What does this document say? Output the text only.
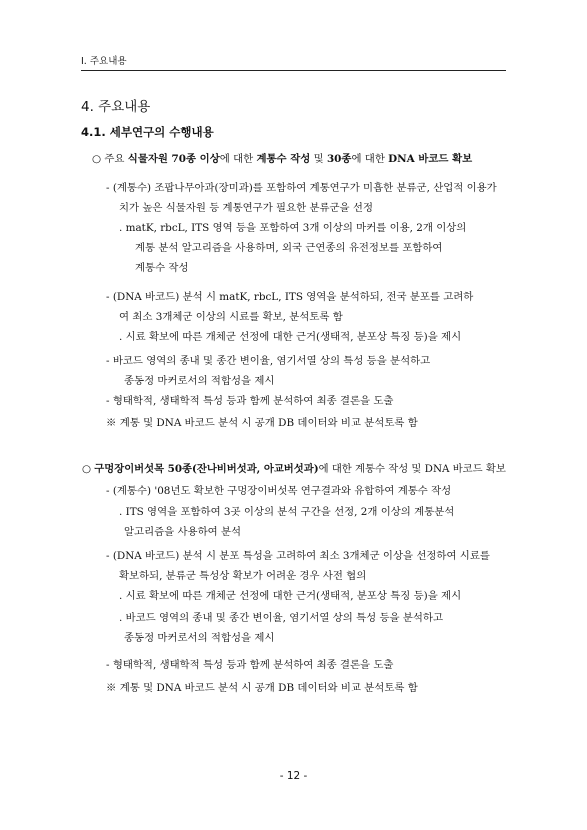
I. 주요내용
4. 주요내용
4.1. 세부연구의 수행내용
○ 주요 식물자원 70종 이상에 대한 계통수 작성 및 30종에 대한 DNA 바코드 확보
- (계통수) 조팝나무아과(장미과)를 포함하여 계통연구가 미흡한 분류군, 산업적 이용가
치가 높은 식물자원 등 계통연구가 필요한 분류군을 선정
. matK, rbcL, ITS 영역 등을 포함하여 3개 이상의 마커를 이용, 2개 이상의
계통 분석 알고리즘을 사용하며, 외국 근연종의 유전정보를 포함하여
계통수 작성
- (DNA 바코드) 분석 시 matK, rbcL, ITS 영역을 분석하되, 전국 분포를 고려하
여 최소 3개체군 이상의 시료를 확보, 분석토록 함
. 시료 확보에 따른 개체군 선정에 대한 근거(생태적, 분포상 특징 등)을 제시
- 바코드 영역의 종내 및 종간 변이율, 염기서열 상의 특성 등을 분석하고
종동정 마커로서의 적합성을 제시
- 형태학적, 생태학적 특성 등과 함께 분석하여 최종 결론을 도출
※ 계통 및 DNA 바코드 분석 시 공개 DB 데이터와 비교 분석토록 함
○ 구멍장이버섯목 50종(잔나비버섯과, 아교버섯과)에 대한 계통수 작성 및 DNA 바코드 확보
- (계통수) '08년도 확보한 구멍장이버섯목 연구결과와 유합하여 계통수 작성
. ITS 영역을 포함하여 3곳 이상의 분석 구간을 선정, 2개 이상의 계통분석
알고리즘을 사용하여 분석
- (DNA 바코드) 분석 시 분포 특성을 고려하여 최소 3개체군 이상을 선정하여 시료를
확보하되, 분류군 특성상 확보가 어려운 경우 사전 협의
. 시료 확보에 따른 개체군 선정에 대한 근거(생태적, 분포상 특징 등)을 제시
. 바코드 영역의 종내 및 종간 변이율, 염기서열 상의 특성 등을 분석하고
종동정 마커로서의 적합성을 제시
- 형태학적, 생태학적 특성 등과 함께 분석하여 최종 결론을 도출
※ 계통 및 DNA 바코드 분석 시 공개 DB 데이터와 비교 분석토록 함
- 12 -
